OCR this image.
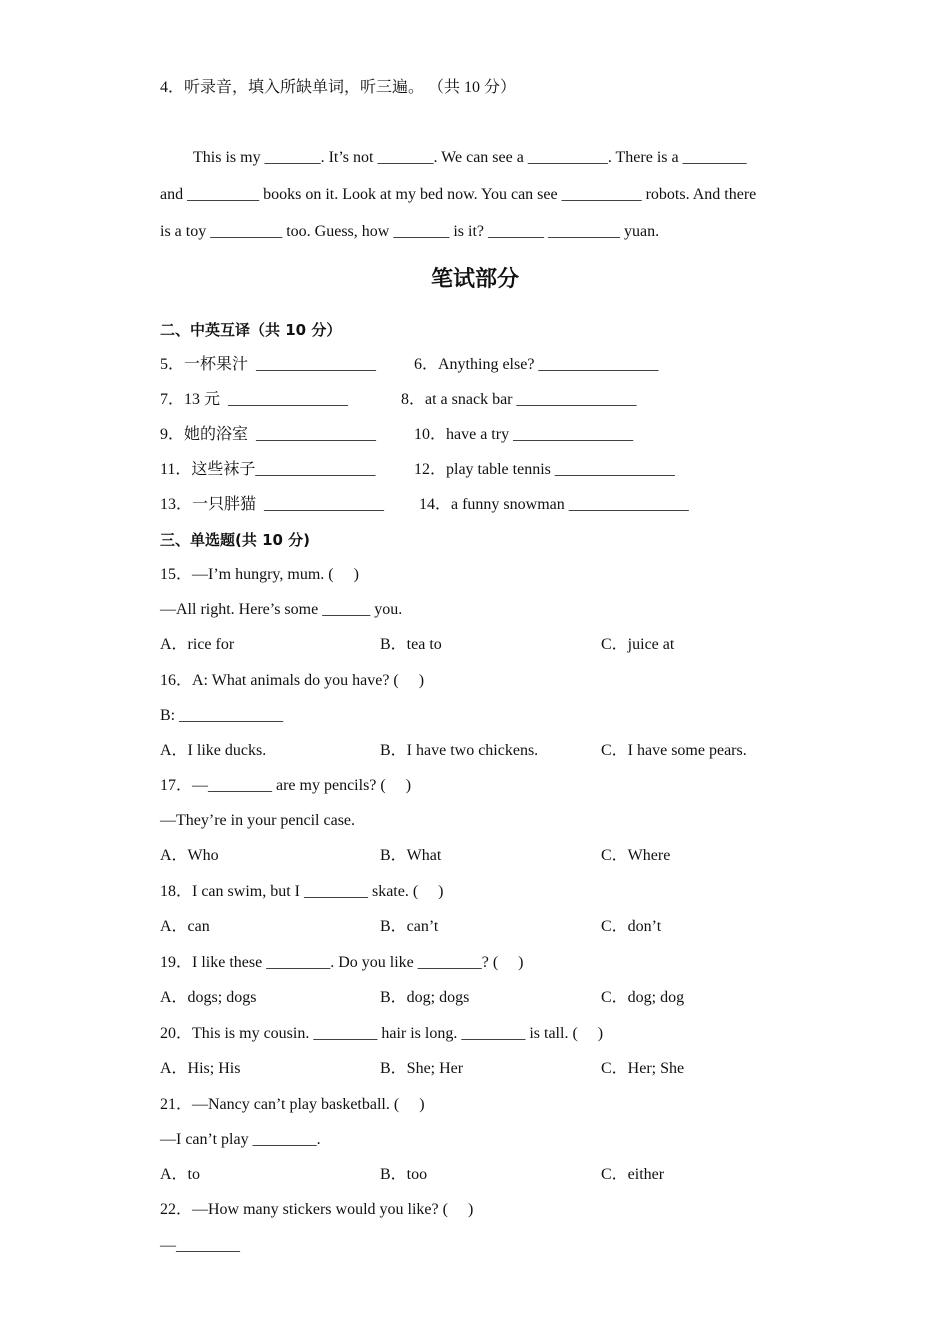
4．听录音，填入所缺单词，听三遍。 （共 10 分）
This is my _______. It’s not _______. We can see a __________. There is a ________
and _________ books on it. Look at my bed now. You can see __________ robots. And there
is a toy _________ too. Guess, how _______ is it? _______ _________ yuan.
笔试部分
二、中英互译（共 10 分）
5．一杯果汁  _______________ 6．Anything else? _______________
7．13 元  _______________	8．at a snack bar _______________
9．她的浴室  _______________ 10．have a try _______________
11．这些袜子_______________ 12．play table tennis _______________
13．一只胖猫  _______________ 14．a funny snowman _______________
三、单选题(共 10 分)
15．—I’m hungry, mum. (     )
—All right. Here’s some ______ you.
A．rice for	B．tea to	C．juice at
16．A: What animals do you have? (     )
B: _____________
A．I like ducks.	B．I have two chickens.	C．I have some pears.
17．—________ are my pencils? (     )
—They’re in your pencil case.
A．Who	B．What	C．Where
18．I can swim, but I ________ skate. (     )
A．can	B．can’t	C．don’t
19．I like these ________. Do you like ________? (     )
A．dogs; dogs	B．dog; dogs	C．dog; dog
20．This is my cousin. ________ hair is long. ________ is tall. (     )
A．His; His	B．She; Her	C．Her; She
21．—Nancy can’t play basketball. (     )
—I can’t play ________.
A．to	B．too	C．either
22．—How many stickers would you like? (     )
—________
